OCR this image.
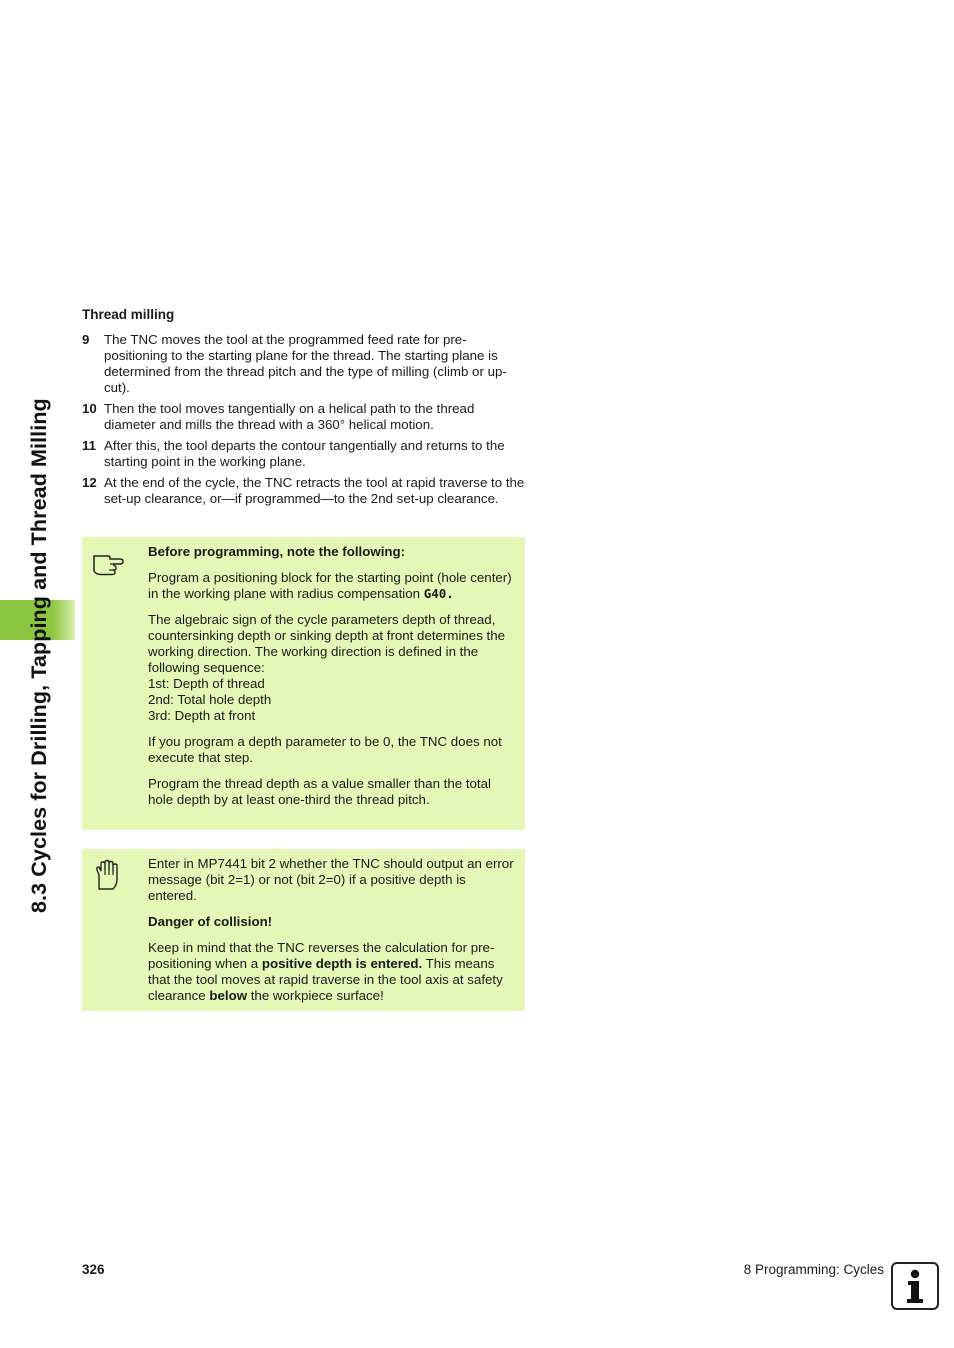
8.3 Cycles for Drilling, Tapping and Thread Milling
Thread milling
9 The TNC moves the tool at the programmed feed rate for pre-positioning to the starting plane for the thread. The starting plane is determined from the thread pitch and the type of milling (climb or up-cut).
10 Then the tool moves tangentially on a helical path to the thread diameter and mills the thread with a 360° helical motion.
11 After this, the tool departs the contour tangentially and returns to the starting point in the working plane.
12 At the end of the cycle, the TNC retracts the tool at rapid traverse to the set-up clearance, or—if programmed—to the 2nd set-up clearance.

Before programming, note the following:

Program a positioning block for the starting point (hole center) in the working plane with radius compensation G40.

The algebraic sign of the cycle parameters depth of thread, countersinking depth or sinking depth at front determines the working direction. The working direction is defined in the following sequence:
1st: Depth of thread
2nd: Total hole depth
3rd: Depth at front

If you program a depth parameter to be 0, the TNC does not execute that step.

Program the thread depth as a value smaller than the total hole depth by at least one-third the thread pitch.

Enter in MP7441 bit 2 whether the TNC should output an error message (bit 2=1) or not (bit 2=0) if a positive depth is entered.

Danger of collision!

Keep in mind that the TNC reverses the calculation for pre-positioning when a positive depth is entered. This means that the tool moves at rapid traverse in the tool axis at safety clearance below the workpiece surface!

326	8 Programming: Cycles
